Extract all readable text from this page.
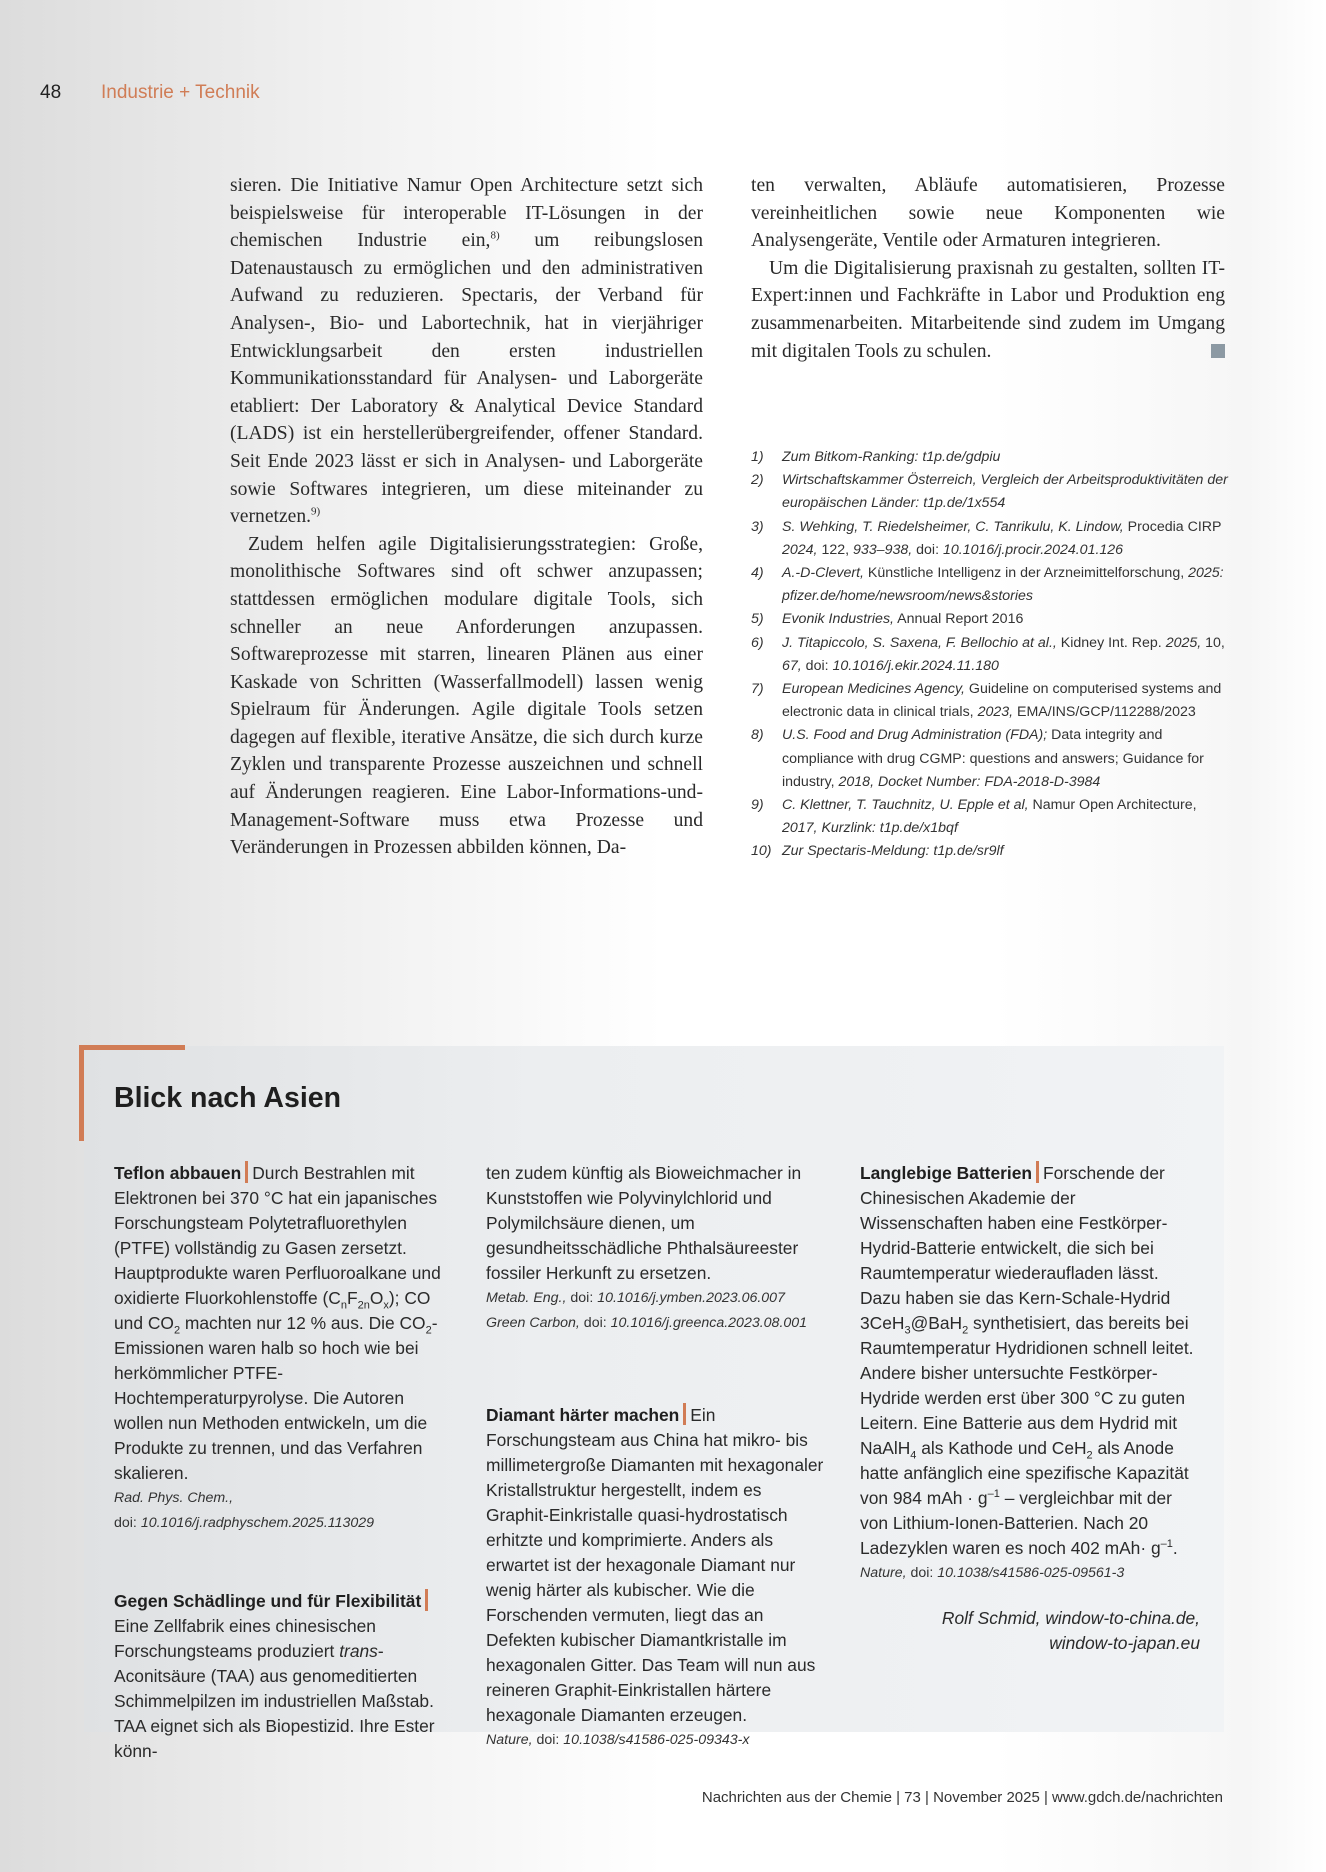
48 Industrie + Technik

sieren. Die Initiative Namur Open Architecture setzt sich beispielsweise für interoperable IT-Lösungen in der chemischen Industrie ein,$^{8)}$ um reibungslosen Datenaustausch zu ermöglichen und den administrativen Aufwand zu reduzieren. Spectaris, der Verband für Analysen-, Bio- und Labortechnik, hat in vierjähriger Entwicklungsarbeit den ersten industriellen Kommunikationsstandard für Analysen- und Laborgeräte etabliert: Der Laboratory & Analytical Device Standard (LADS) ist ein herstellerübergreifender, offener Standard. Seit Ende 2023 lässt er sich in Analysen- und Laborgeräte sowie Softwares integrieren, um diese miteinander zu vernetzen.$^{9)}$

Zudem helfen agile Digitalisierungsstrategien: Große, monolithische Softwares sind oft schwer anzupassen; stattdessen ermöglichen modulare digitale Tools, sich schneller an neue Anforderungen anzupassen. Softwareprozesse mit starren, linearen Plänen aus einer Kaskade von Schritten (Wasserfallmodell) lassen wenig Spielraum für Änderungen. Agile digitale Tools setzen dagegen auf flexible, iterative Ansätze, die sich durch kurze Zyklen und transparente Prozesse auszeichnen und schnell auf Änderungen reagieren. Eine Labor-Informations-und-Management-Software muss etwa Prozesse und Veränderungen in Prozessen abbilden können, Da-

ten verwalten, Abläufe automatisieren, Prozesse vereinheitlichen sowie neue Komponenten wie Analysengeräte, Ventile oder Armaturen integrieren.

Um die Digitalisierung praxisnah zu gestalten, sollten IT-Expert:innen und Fachkräfte in Labor und Produktion eng zusammenarbeiten. Mitarbeitende sind zudem im Umgang mit digitalen Tools zu schulen.

1)	Zum Bitkom-Ranking: t1p.de/gdpiu
2)	Wirtschaftskammer Österreich, Vergleich der Arbeitsproduktivitäten der europäischen Länder: t1p.de/1x554
3)	S. Wehking, T. Riedelsheimer, C. Tanrikulu, K. Lindow, Procedia CIRP 2024, 122, 933–938, doi: 10.1016/j.procir.2024.01.126
4)	A.-D-Clevert, Künstliche Intelligenz in der Arzneimittelforschung, 2025: pfizer.de/home/newsroom/news&stories
5)	Evonik Industries, Annual Report 2016
6)	J. Titapiccolo, S. Saxena, F. Bellochio at al., Kidney Int. Rep. 2025, 10, 67, doi: 10.1016/j.ekir.2024.11.180
7)	European Medicines Agency, Guideline on computerised systems and electronic data in clinical trials, 2023, EMA/INS/GCP/112288/2023
8)	U.S. Food and Drug Administration (FDA); Data integrity and compliance with drug CGMP: questions and answers; Guidance for industry, 2018, Docket Number: FDA-2018-D-3984
9)	C. Klettner, T. Tauchnitz, U. Epple et al, Namur Open Architecture, 2017, Kurzlink: t1p.de/x1bqf
10) Zur Spectaris-Meldung: t1p.de/sr9lf
Blick nach Asien

Teflon abbauen Durch Bestrahlen mit Elektronen bei 370 °C hat ein japanisches Forschungsteam Polytetrafluorethylen (PTFE) vollständig zu Gasen zersetzt. Hauptprodukte waren Perfluoroalkane und oxidierte Fluorkohlenstoffe $(C_nF_{2n}O_x)$; CO und $CO_2$ machten nur 12 % aus. Die $CO_2$-Emissionen waren halb so hoch wie bei herkömmlicher PTFE-Hochtemperaturpyrolyse. Die Autoren wollen nun Methoden entwickeln, um die Produkte zu trennen, und das Verfahren skalieren.

Rad. Phys. Chem.,
doi: 10.1016/j.radphyschem.2025.113029

Gegen Schädlinge und für Flexibilität
Eine Zellfabrik eines chinesischen Forschungsteams produziert trans-Aconitsäure (TAA) aus genomeditierten Schimmelpilzen im industriellen Maßstab. TAA eignet sich als Biopestizid. Ihre Ester könn-

ten zudem künftig als Bioweichmacher in Kunststoffen wie Polyvinylchlorid und Polymilchsäure dienen, um gesundheitsschädliche Phthalsäureester fossiler Herkunft zu ersetzen.

Metab. Eng., doi: 10.1016/j.ymben.2023.06.007
Green Carbon, doi: 10.1016/j.greenca.2023.08.001

Diamant härter machen Ein Forschungsteam aus China hat mikro- bis millimetergroße Diamanten mit hexagonaler Kristallstruktur hergestellt, indem es Graphit-Einkristalle quasi-hydrostatisch erhitzte und komprimierte. Anders als erwartet ist der hexagonale Diamant nur wenig härter als kubischer. Wie die Forschenden vermuten, liegt das an Defekten kubischer Diamantkristalle im hexagonalen Gitter. Das Team will nun aus reineren Graphit-Einkristallen härtere hexagonale Diamanten erzeugen.

Nature, doi: 10.1038/s41586-025-09343-x

Langlebige Batterien Forschende der Chinesischen Akademie der Wissenschaften haben eine Festkörper-Hydrid-Batterie entwickelt, die sich bei Raumtemperatur wiederaufladen lässt. Dazu haben sie das Kern-Schale-Hydrid 3CeH$_3$@BaH$_2$ synthetisiert, das bereits bei Raumtemperatur Hydridionen schnell leitet. Andere bisher untersuchte Festkörper-Hydride werden erst über 300 °C zu guten Leitern. Eine Batterie aus dem Hydrid mit NaAlH$_4$ als Kathode und CeH$_2$ als Anode hatte anfänglich eine spezifische Kapazität von 984 mAh · $g^{-1}$ – vergleichbar mit der von Lithium-Ionen-Batterien. Nach 20 Ladezyklen waren es noch 402 $mAh\cdot g^{-1}$.

Nature, doi: 10.1038/s41586-025-09561-3

Rolf Schmid, window-to-china.de,
window-to-japan.eu
Nachrichten aus der Chemie | 73 | November 2025 | www.gdch.de/nachrichten
